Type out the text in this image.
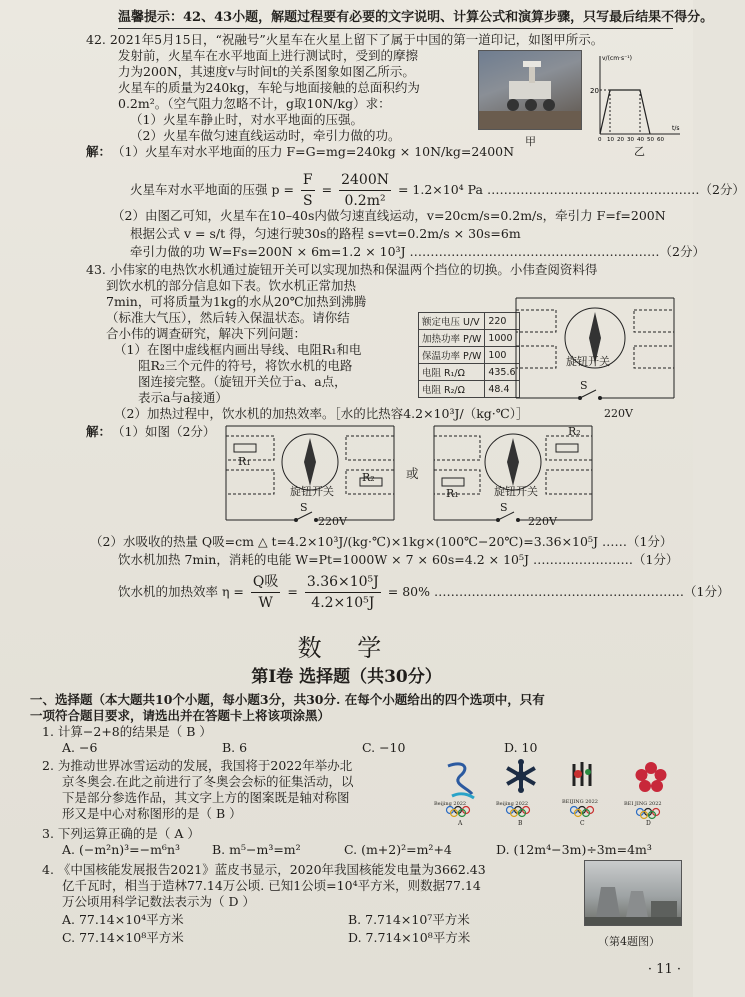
温馨提示：42、43小题，解题过程要有必要的文字说明、计算公式和演算步骤，只写最后结果不得分。
42. 2021年5月15日，“祝融号”火星车在火星上留下了属于中国的第一道印记，如图甲所示。
发射前，火星车在水平地面上进行测试时，受到的摩擦
力为200N，其速度v与时间t的关系图象如图乙所示。
火星车的质量为240kg，车轮与地面接触的总面积约为
0.2m²。（空气阻力忽略不计，g取10N/kg）求：
（1）火星车静止时，对水平地面的压强。
（2）火星车做匀速直线运动时，牵引力做的功。	甲
v/(cm·s⁻¹)
20
t/s
0 10 20 30 40 50 60
乙
解： （1）火星车对水平地面的压力 F=G=mg=240kg × 10N/kg=2400N
火星车对水平地面的压强 $p = \frac{F}{S} = \frac{2400N}{\text{0.2m²}} = 1.2\times 10^4$ Pa ……………………………………………（2分）
（2）由图乙可知，火星车在10–40s内做匀速直线运动，v=20cm/s=0.2m/s，牵引力 F=f=200N
根据公式 v = s/t 得，匀速行驶30s的路程 s=vt=0.2m/s × 30s=6m
牵引力做的功 W=Fs=200N × 6m=1.2 × 10³J ……………………………………………………（2分）
43. 小伟家的电热饮水机通过旋钮开关可以实现加热和保温两个挡位的切换。小伟查阅资料得
到饮水机的部分信息如下表。饮水机正常加热
7min，可将质量为1kg的水从20℃加热到沸腾
（标准大气压），然后转入保温状态。请你结
合小伟的调查研究，解决下列问题：
（1）在图中虚线框内画出导线、电阻R₁和电
阻R₂三个元件的符号，将饮水机的电路
图连接完整。（旋钮开关位于a、a点，
表示a与a接通）
（2）加热过程中，饮水机的加热效率。［水的比热容4.2×10³J/（kg·℃）］
额定电压 U/V	220
加热功率 P/W	1000
保温功率 P/W	100
电阻 R₁/Ω	435.6
电阻 R₂/Ω	48.4
旋钮开关
S
220V
解： （1）如图（2分）
R₁
R₂
旋钮开关
S
220V
或
R₂
R₁	旋钮开关
S
220V
（2）水吸收的热量 Q吸=cm △ t=4.2×10³J/(kg·℃)×1kg×(100℃−20℃)=3.36×10⁵J ……（1分）
饮水机加热 7min，消耗的电能 W=Pt=1000W × 7 × 60s=4.2 × 10⁵J ……………………（1分）
饮水机的加热效率 $\eta = \frac{\text{Q吸}}{W} = \frac{\text{3.36×10⁵J}}{\text{4.2×10⁵J}} = 80\%$ ……………………………………………………（1分）
数 学
第Ⅰ卷 选择题（共30分）
一、选择题（本大题共10个小题，每小题3分，共30分. 在每个小题给出的四个选项中，只有
一项符合题目要求，请选出并在答题卡上将该项涂黑）
1. 计算−2+8的结果是（ B ）
A. −6	B. 6	C. −10	D. 10
2. 为推动世界冰雪运动的发展，我国将于2022年举办北
京冬奥会.在此之前进行了冬奥会会标的征集活动，以
下是部分参选作品，其文字上方的图案既是轴对称图
形又是中心对称图形的是（ B ）
Beijing 2022
A
Beijing 2022
B
BEIJING 2022
C
BEI JING 2022
D
3. 下列运算正确的是（ A ）
A. (−m²n)³=−m⁶n³	B. m⁵−m³=m²	C. (m+2)²=m²+4	D. (12m⁴−3m)÷3m=4m³
4. 《中国核能发展报告2021》蓝皮书显示，2020年我国核能发电量为3662.43
亿千瓦时，相当于造林77.14万公顷. 已知1公顷=10⁴平方米，则数据77.14
万公顷用科学记数法表示为（ D ）
A. 77.14×10⁴平方米	B. 7.714×10⁷平方米
C. 77.14×10⁸平方米	D. 7.714×10⁸平方米	（第4题图）
· 11 ·
